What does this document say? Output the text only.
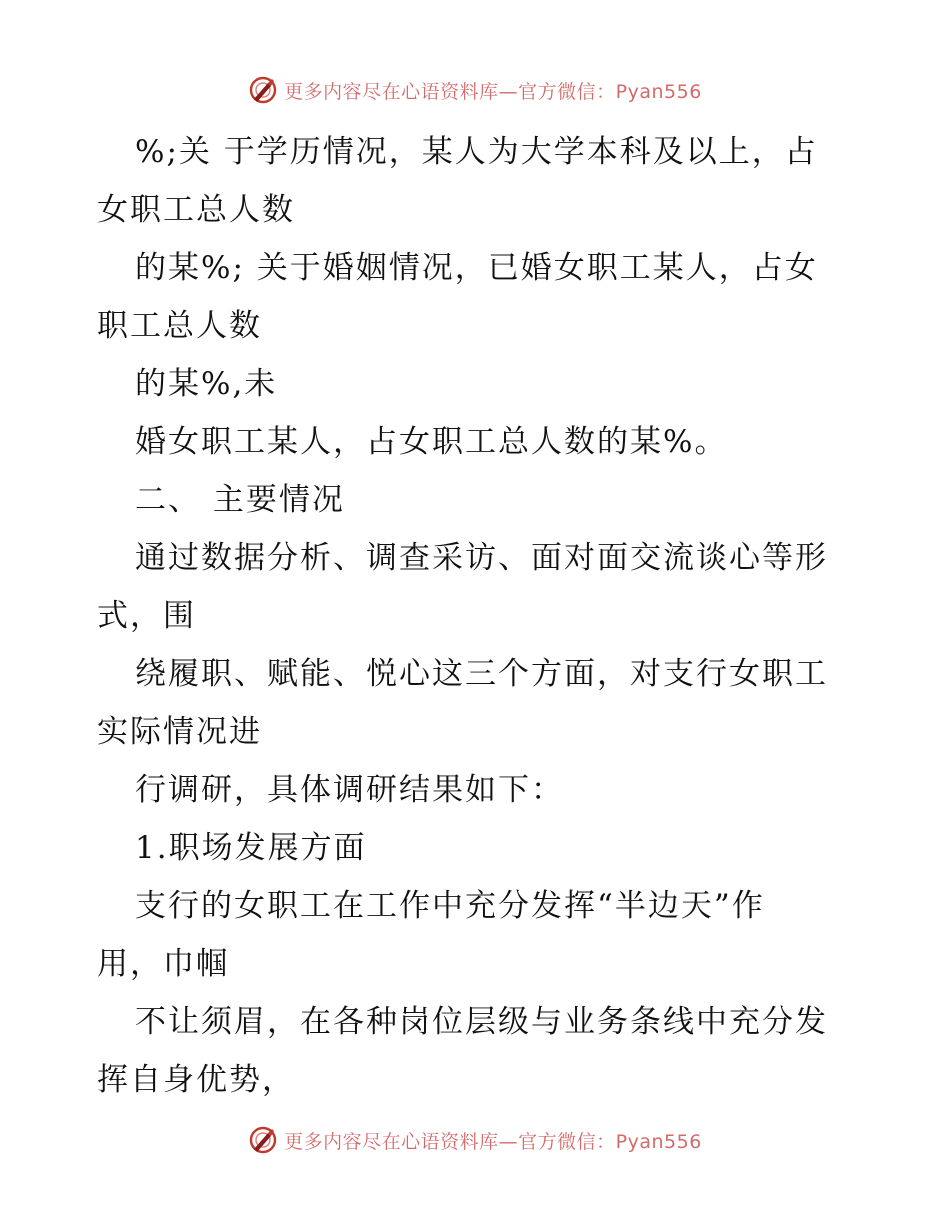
更多内容尽在心语资料库—官方微信：Pyan556
%;关 于学历情况，某人为大学本科及以上，占
女职工总人数
的某%; 关于婚姻情况，已婚女职工某人，占女
职工总人数
的某%,未
婚女职工某人，占女职工总人数的某%。
二、 主要情况
通过数据分析、调查采访、面对面交流谈心等形
式，围
绕履职、赋能、悦心这三个方面，对支行女职工
实际情况进
行调研，具体调研结果如下：
1.职场发展方面
支行的女职工在工作中充分发挥“半边天”作
用，巾帼
不让须眉，在各种岗位层级与业务条线中充分发
挥自身优势，
更多内容尽在心语资料库—官方微信：Pyan556
